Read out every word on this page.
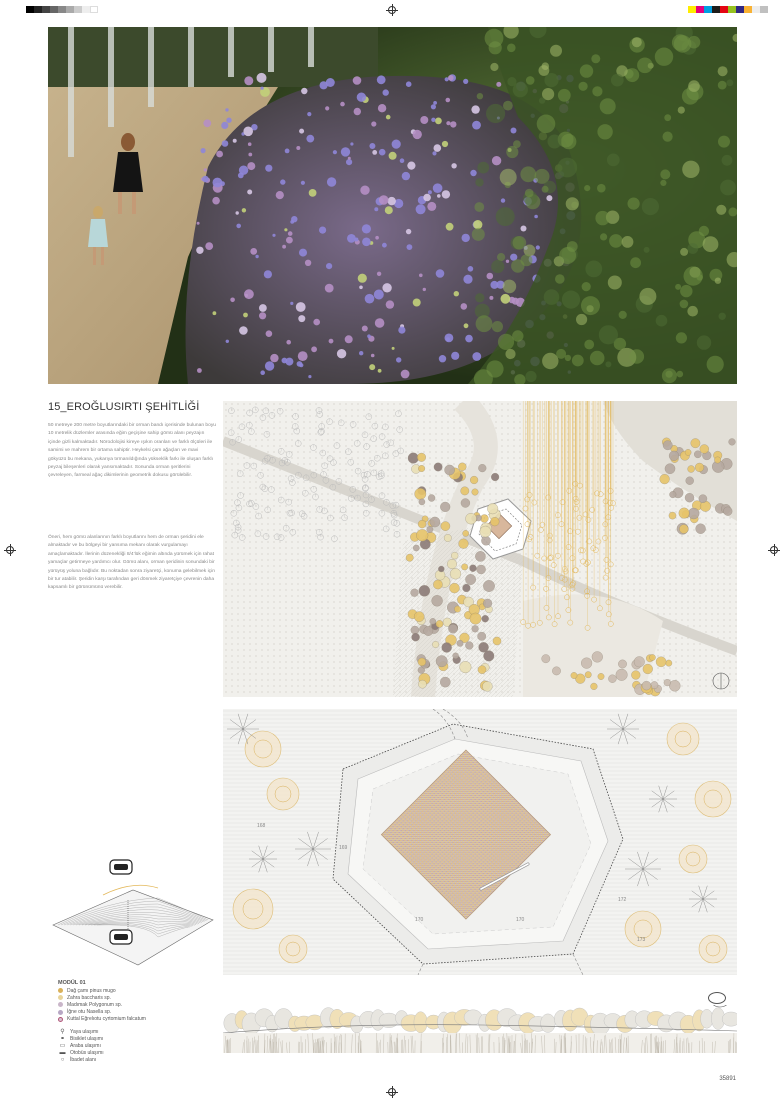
15_EROĞLUSIRTI ŞEHİTLİĞİ

50 metreye 200 metre boyutlarındaki bir orman bandı içerisinde bulunan boyu 10 metrelik düzlemler arasında eğim geçişine sahip gömü alanı peyzajın içinde gizli kalmaktadır. Nörodolojisi kireye ışıkın oranları ve farklı ölçüleri ile samimi ve mahrem bir ortama sahiptir. Heykelsi çam ağaçları ve mavi gökyüzü bu mekana, yukarıya tırmanıldığında yükseklik farkı ile oluşan farklı peyzaj bileşenleri olarak yansımaktadır. Sonunda orman şeritlerini çevreleyen, farmeal ağaç dikimlerinin geometrik dokusu görülebilir.

Öneri, hem gömü alanlarının farklı boyutlarını hem de orman şeridini ele almaktadır ve bu bölgeyi bir yansıma mekanı olarak vurgulamayı amaçlamaktadır. İlerinin düzenekliği 8/4'lük eğimin altında yürümek için rahat yamaçlar getirmeye yardımcı olur. Gömü alanı, orman şeridinin sonundaki bir yürüyüş yoluna bağlıdır. Bu noktadan sonra ziyaretçi, konuma gelebilmek için bir tur atabilir. Şeridin karşı tarafından geri dönmek ziyaretçiye çevrenin daha kapsamlı bir görünümünü verebilir.

170	170
169
168
172
173
MODÜL 01
Dağ çamı pinus mugo
Zahra baccharis sp.
Madımak Polygonum sp.
İğne otu Nasella sp.
Kuttal Eğrelıotu cyrtomium falcatum
⚲	Yaya ulaşımı
⚭ Bisiklet ulaşımı
▭ Araba ulaşımı
▬ Otobüs ulaşımı
○	İbadet alanı
35891
